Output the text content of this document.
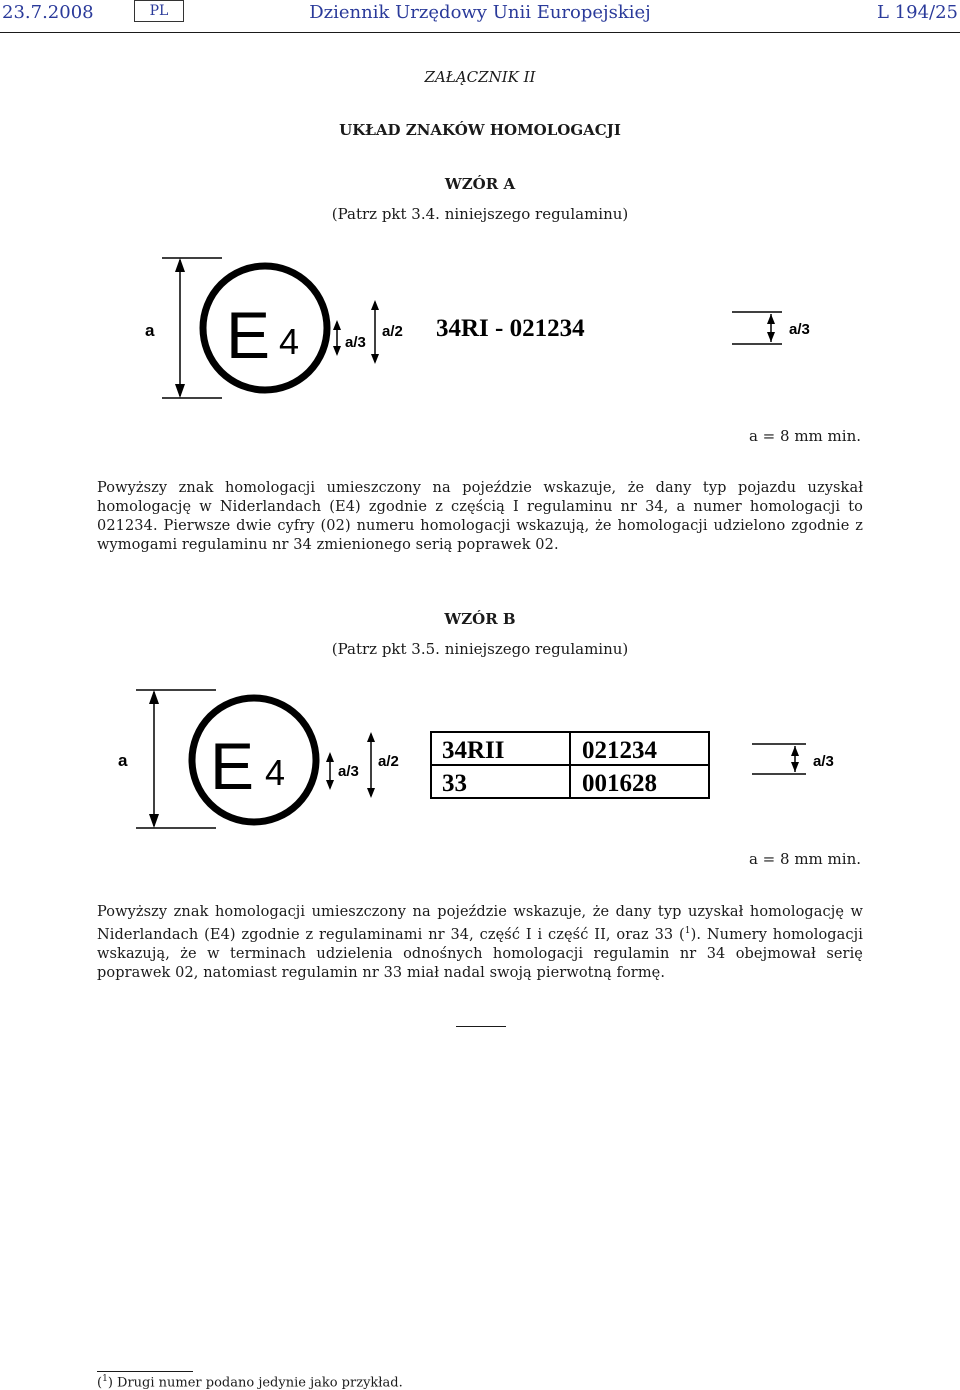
23.7.2008	PL	Dziennik Urzędowy Unii Europejskiej	L 194/25
ZAŁĄCZNIK II
UKŁAD ZNAKÓW HOMOLOGACJI
WZÓR A
(Patrz pkt 3.4. niniejszego regulaminu)
a E 4	a/3
a/2 34RI - 021234	a/3
a = 8 mm min.
Powyższy znak homologacji umieszczony na pojeździe wskazuje, że dany typ pojazdu uzyskał homologację w Niderlandach (E4) zgodnie z częścią I regulaminu nr 34, a numer homologacji to 021234. Pierwsze dwie cyfry (02) numeru homologacji wskazują, że homologacji udzielono zgodnie z wymogami regulaminu nr 34 zmienionego serią poprawek 02.
WZÓR B
(Patrz pkt 3.5. niniejszego regulaminu)
a E 4	a/3
a/2 34RII	021234
33	001628
a/3
a = 8 mm min.
Powyższy znak homologacji umieszczony na pojeździe wskazuje, że dany typ uzyskał homologację w Niderlandach (E4) zgodnie z regulaminami nr 34, część I i część II, oraz 33 ($^1$). Numery homologacji wskazują, że w terminach udzielenia odnośnych homologacji regulamin nr 34 obejmował serię poprawek 02, natomiast regulamin nr 33 miał nadal swoją pierwotną formę.
($^1$) Drugi numer podano jedynie jako przykład.
